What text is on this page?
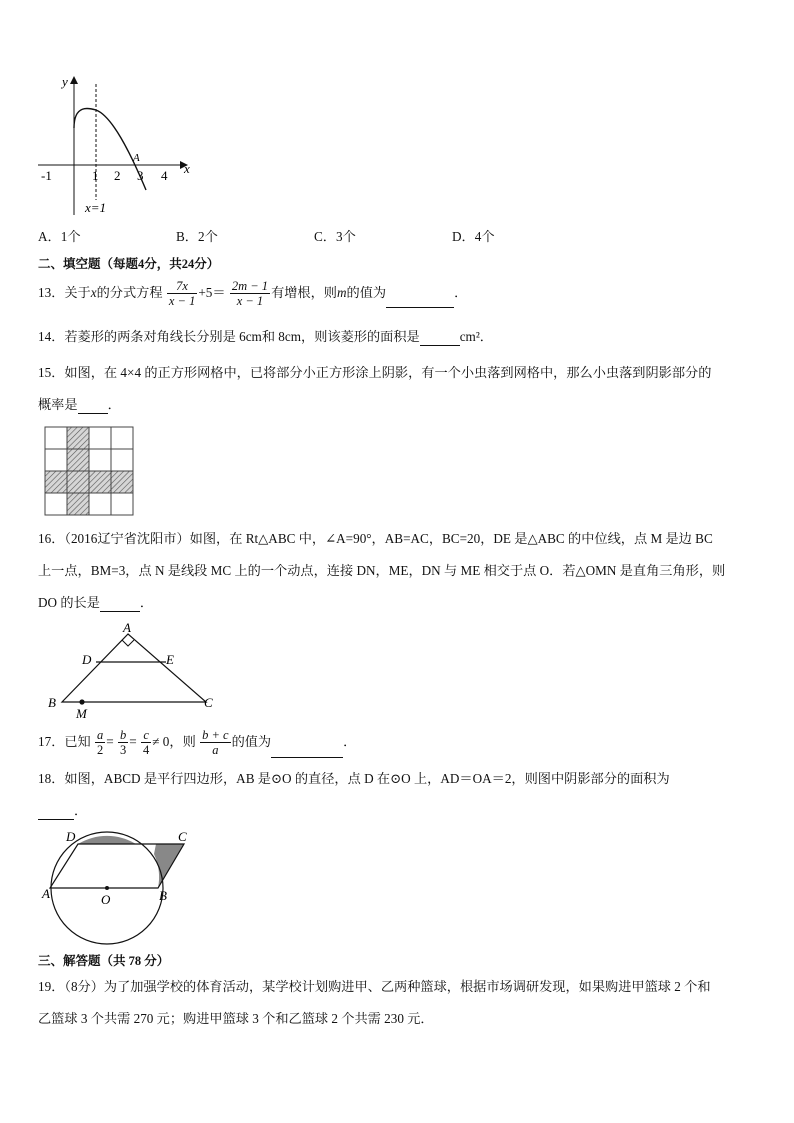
y
x
-1	1 2 3 4
A
x=1
A．1个	B．2个	C．3个	D．4个
二、填空题（每题4分，共24分）
13．关于x的分式方程 $\frac{7x}{x - 1} +5= \frac{2m - 1}{x - 1}$ 有增根，则m的值为	．
14．若菱形的两条对角线长分别是 6cm和 8cm，则该菱形的面积是	cm²．
15．如图，在 4×4 的正方形网格中，已将部分小正方形涂上阴影，有一个小虫落到网格中，那么小虫落到阴影部分的
概率是 ．
16．（2016辽宁省沈阳市）如图，在 Rt△ABC 中，∠A=90°，AB=AC，BC=20，DE 是△ABC 的中位线，点 M 是边 BC
上一点，BM=3，点 N 是线段 MC 上的一个动点，连接 DN，ME，DN 与 ME 相交于点 O．若△OMN 是直角三角形，则
DO 的长是	．
A
D	E
B	C
M
17．已知 $\frac{a}{2} = \frac{b}{3} = \frac{c}{4} \ne 0$，则 $\frac{b + c}{a}$ 的值为	．
18．如图，ABCD 是平行四边形，AB 是⊙O 的直径，点 D 在⊙O 上，AD＝OA＝2，则图中阴影部分的面积为
．
D	C
A	B
O
三、解答题（共 78 分）
19．（8分）为了加强学校的体育活动，某学校计划购进甲、乙两种篮球，根据市场调研发现，如果购进甲篮球 2 个和
乙篮球 3 个共需 270 元；购进甲篮球 3 个和乙篮球 2 个共需 230 元．
